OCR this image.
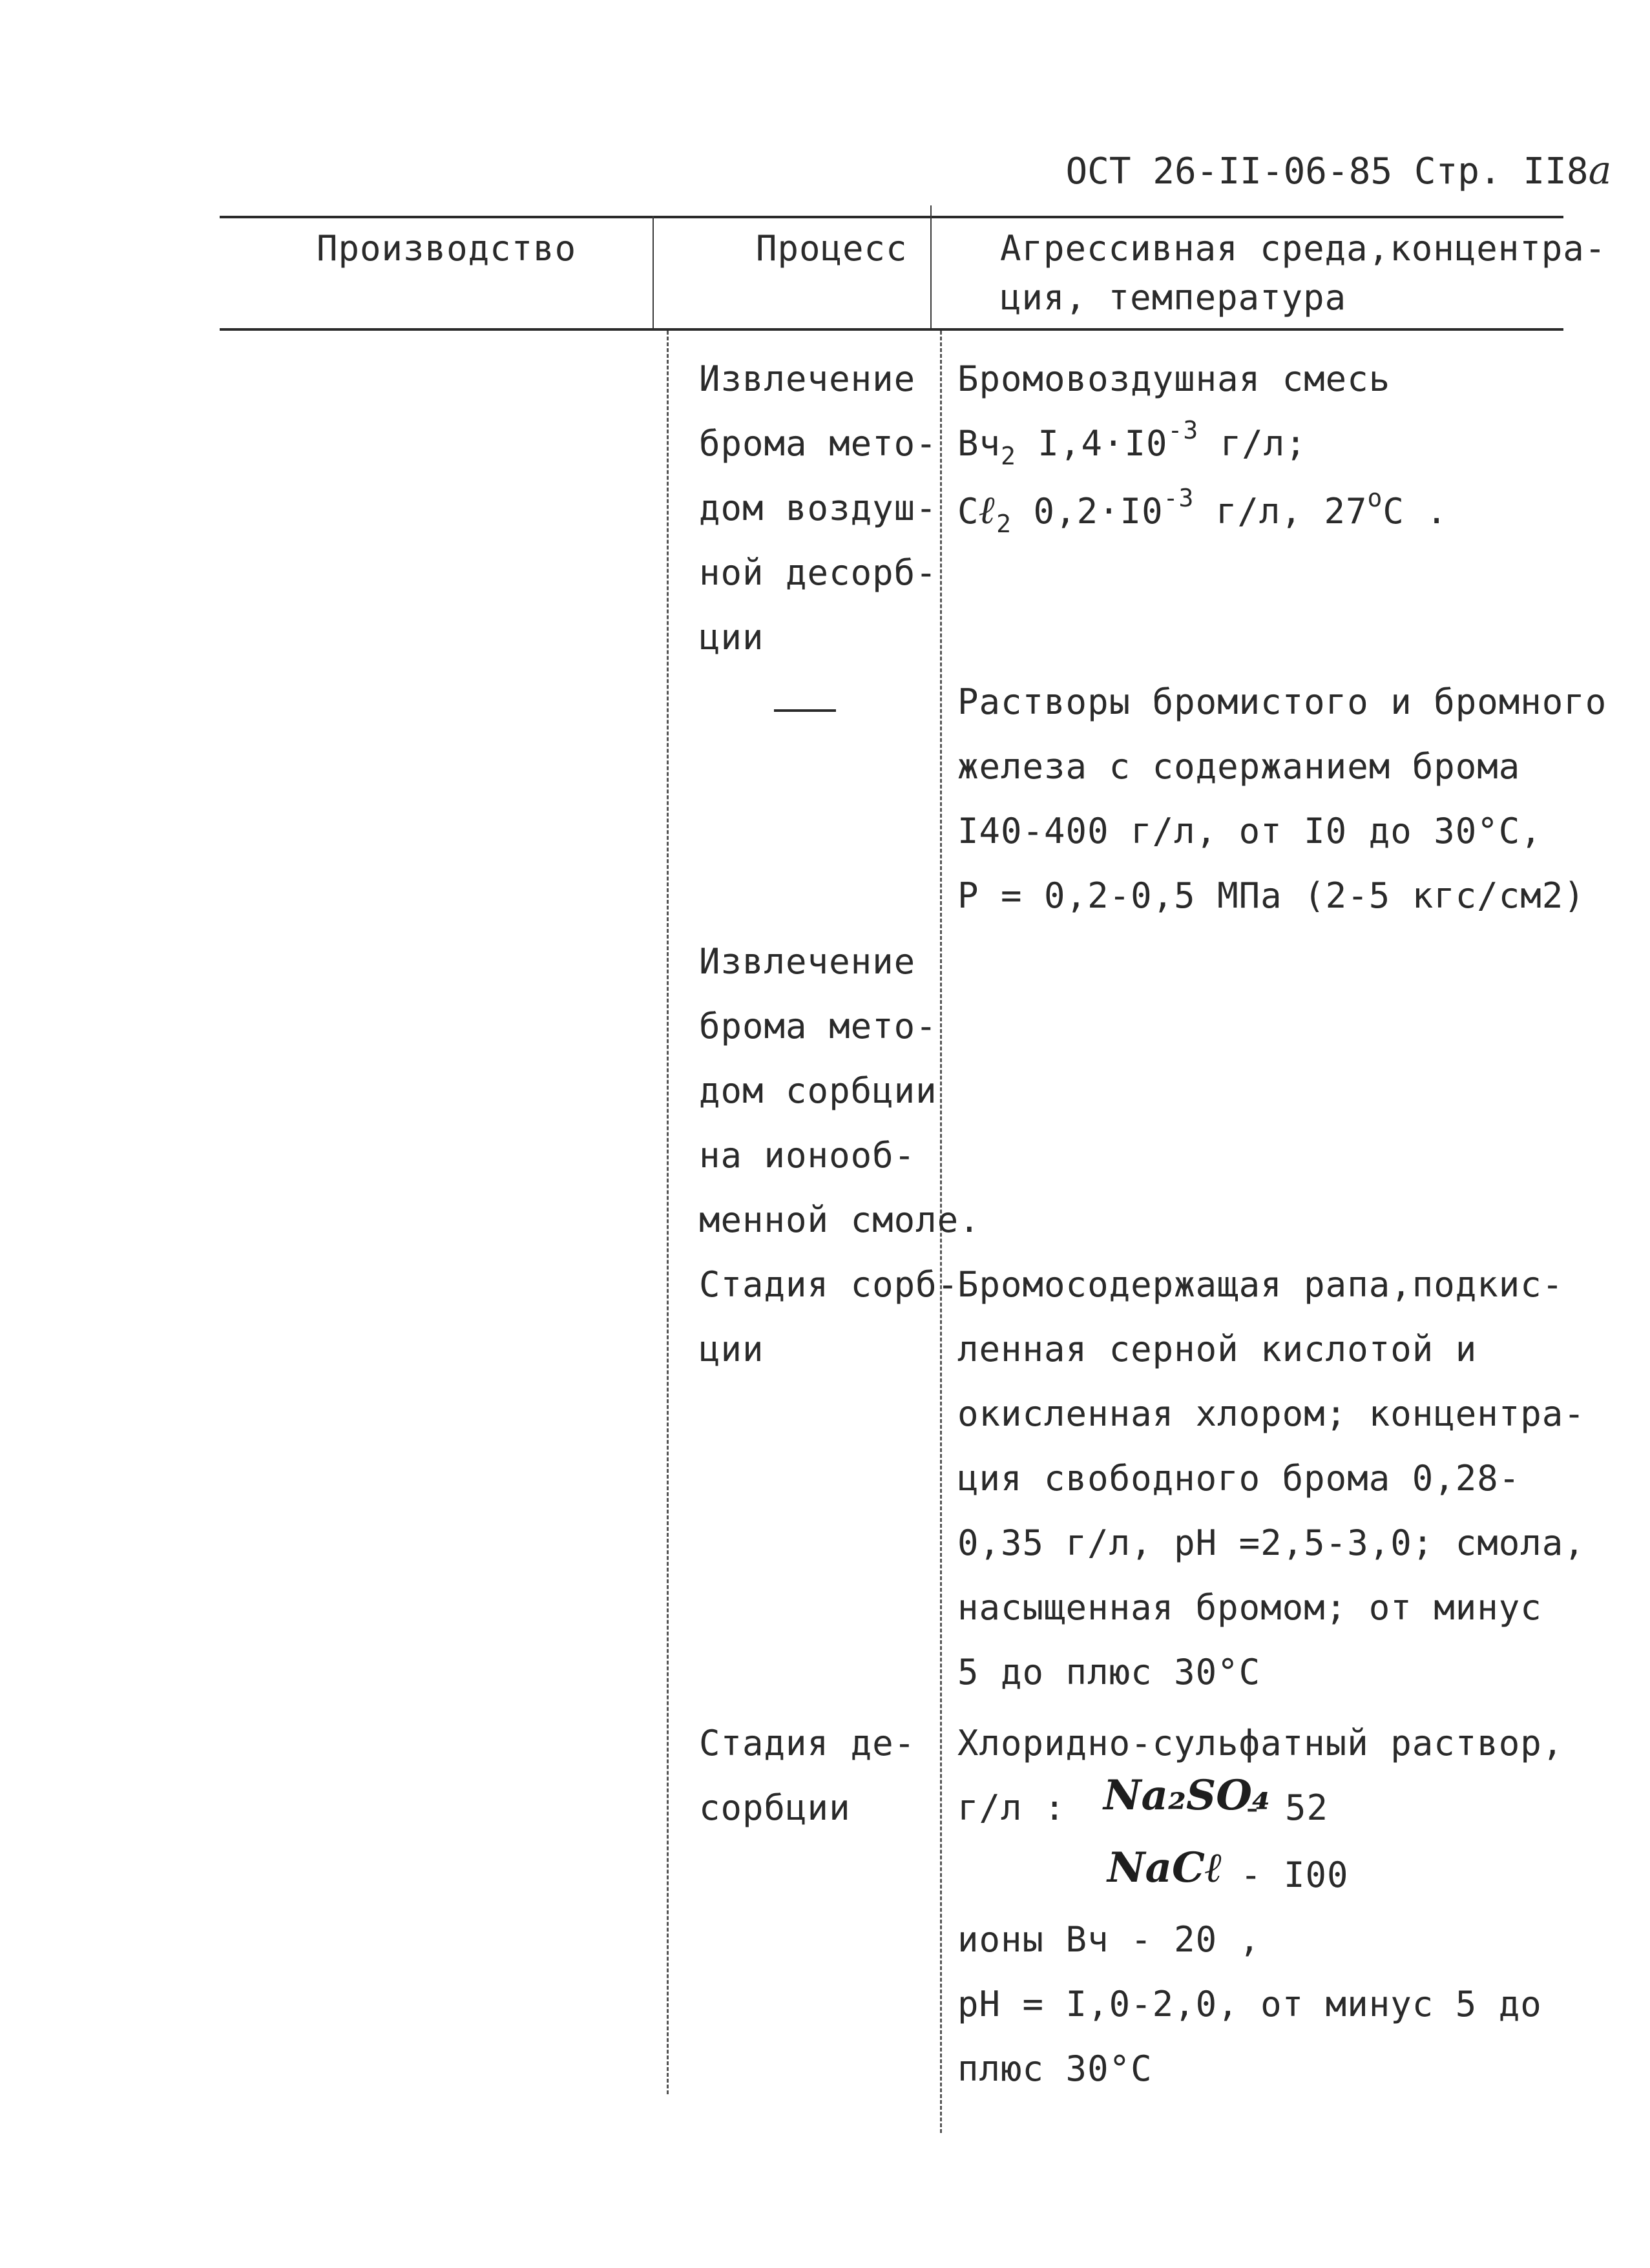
ОСТ 26-II-06-85 Стр. II8а

Производство	Процесс	Агрессивная среда,концентра-
ция, температура
Извлечение
брома мето-
дом воздуш-
ной десорб-
ции
Бромовоздушная смесь
$Вч_2$ $I,4\cdot I0^{-3}$ г/л;
Сℓ$_2$ $0,2\cdot I0^{-3}$ г/л, $27^оС$ .
Растворы бромистого и бромного
железа с содержанием брома
I40-400 г/л, от I0 до 30°С,
Р = 0,2-0,5 МПа (2-5 кгс/см2)
Извлечение
брома мето-
дом сорбции
на ионооб-
менной смоле.
Стадия сорб-
ции
Бромосодержащая рапа,подкис-
ленная серной кислотой и
окисленная хлором; концентра-
ция свободного брома 0,28-
0,35 г/л, рН =2,5-3,0; смола,
насыщенная бромом; от минус
5 до плюс 30°С
Стадия де-
сорбции
Хлоридно-сульфатный раствор,
г/л : Na₂SO₄
- 52
NaCℓ - I00
ионы Вч - 20 ,
рН = I,0-2,0, от минус 5 до
плюс 30°С
